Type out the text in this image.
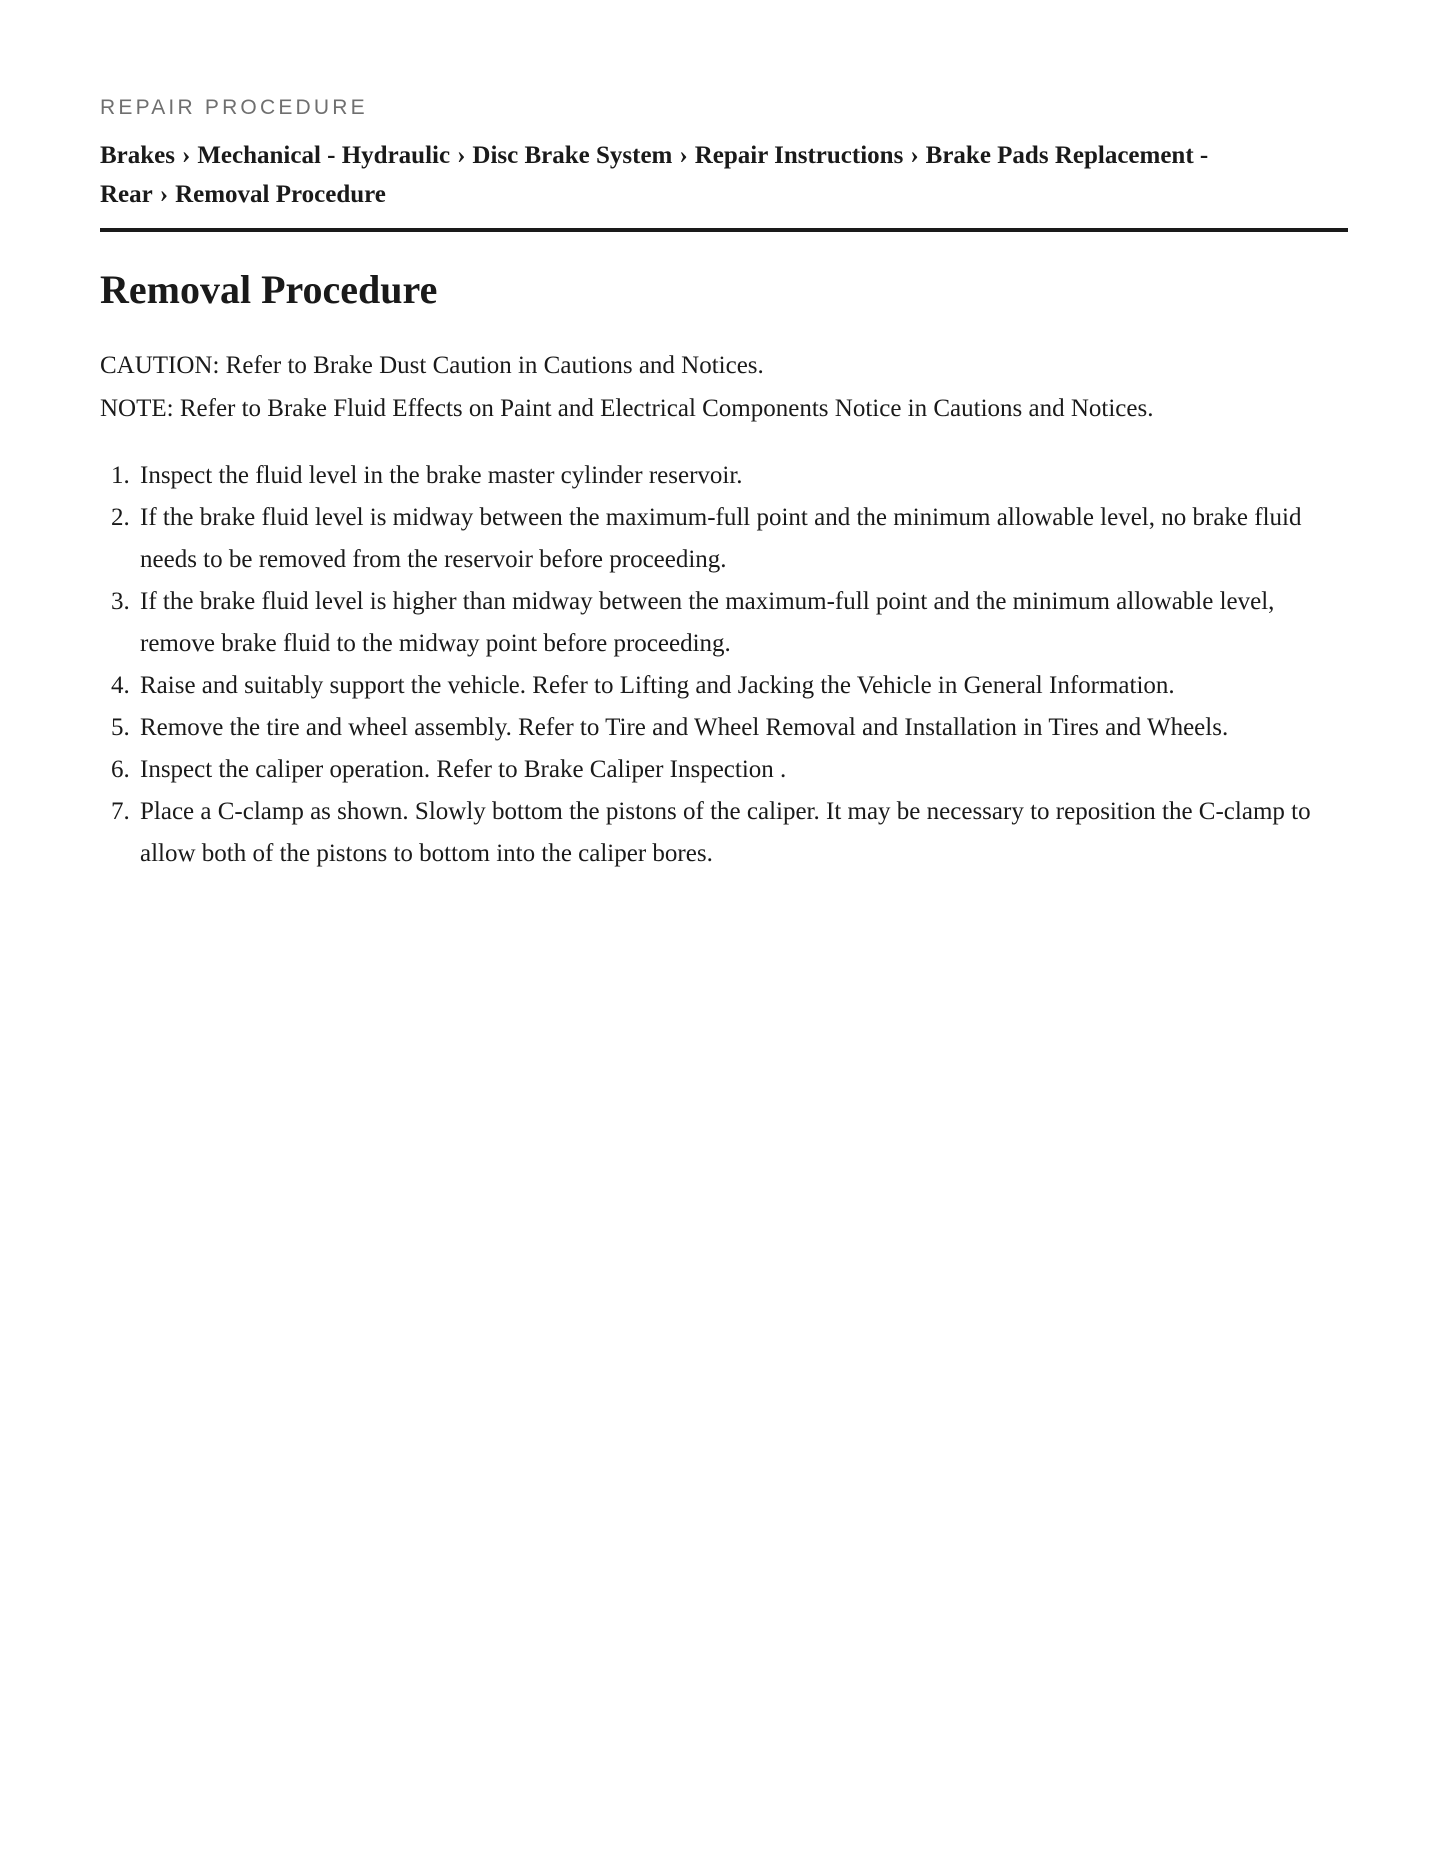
REPAIR PROCEDURE
Brakes › Mechanical - Hydraulic › Disc Brake System › Repair Instructions › Brake Pads Replacement - Rear › Removal Procedure
Removal Procedure
CAUTION: Refer to Brake Dust Caution in Cautions and Notices.
NOTE: Refer to Brake Fluid Effects on Paint and Electrical Components Notice in Cautions and Notices.
1. Inspect the fluid level in the brake master cylinder reservoir.
2. If the brake fluid level is midway between the maximum-full point and the minimum allowable level, no brake fluid needs to be removed from the reservoir before proceeding.
3. If the brake fluid level is higher than midway between the maximum-full point and the minimum allowable level, remove brake fluid to the midway point before proceeding.
4. Raise and suitably support the vehicle. Refer to Lifting and Jacking the Vehicle in General Information.
5. Remove the tire and wheel assembly. Refer to Tire and Wheel Removal and Installation in Tires and Wheels.
6. Inspect the caliper operation. Refer to Brake Caliper Inspection .
7. Place a C-clamp as shown. Slowly bottom the pistons of the caliper. It may be necessary to reposition the C-clamp to allow both of the pistons to bottom into the caliper bores.
